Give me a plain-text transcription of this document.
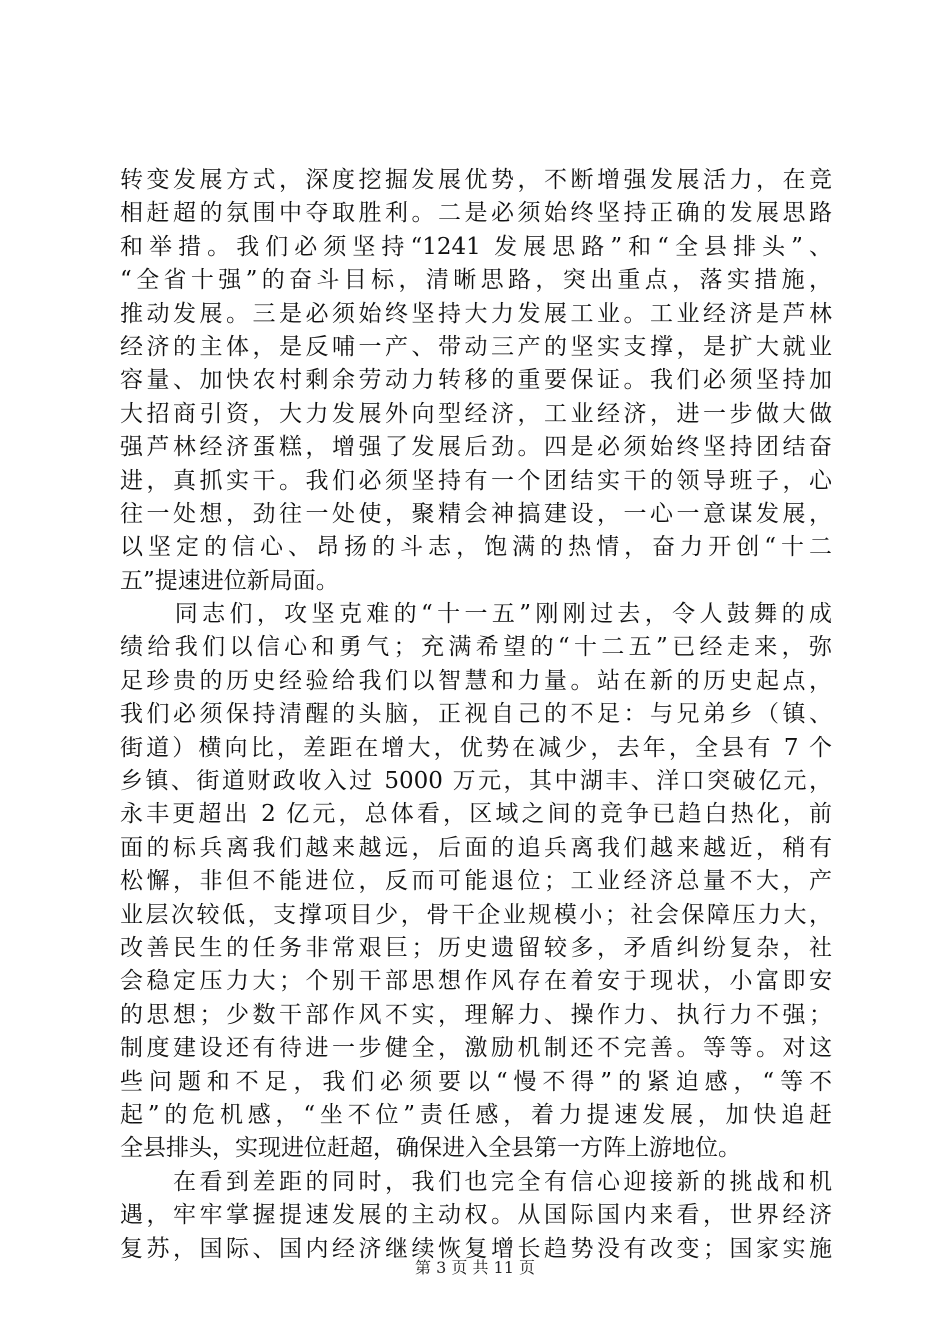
转变发展方式，深度挖掘发展优势，不断增强发展活力，在竞
相赶超的氛围中夺取胜利。二是必须始终坚持正确的发展思路
和举措。我们必须坚持“1241 发展思路”和“全县排头”、
“全省十强”的奋斗目标，清晰思路，突出重点，落实措施，
推动发展。三是必须始终坚持大力发展工业。工业经济是芦林
经济的主体，是反哺一产、带动三产的坚实支撑，是扩大就业
容量、加快农村剩余劳动力转移的重要保证。我们必须坚持加
大招商引资，大力发展外向型经济，工业经济，进一步做大做
强芦林经济蛋糕，增强了发展后劲。四是必须始终坚持团结奋
进，真抓实干。我们必须坚持有一个团结实干的领导班子，心
往一处想，劲往一处使，聚精会神搞建设，一心一意谋发展，
以坚定的信心、昂扬的斗志，饱满的热情，奋力开创“十二
五”提速进位新局面。
　　同志们，攻坚克难的“十一五”刚刚过去，令人鼓舞的成
绩给我们以信心和勇气；充满希望的“十二五”已经走来，弥
足珍贵的历史经验给我们以智慧和力量。站在新的历史起点，
我们必须保持清醒的头脑，正视自己的不足：与兄弟乡（镇、
街道）横向比，差距在增大，优势在减少，去年，全县有 7 个
乡镇、街道财政收入过 5000 万元，其中湖丰、洋口突破亿元，
永丰更超出 2 亿元，总体看，区域之间的竞争已趋白热化，前
面的标兵离我们越来越远，后面的追兵离我们越来越近，稍有
松懈，非但不能进位，反而可能退位；工业经济总量不大，产
业层次较低，支撑项目少，骨干企业规模小；社会保障压力大，
改善民生的任务非常艰巨；历史遗留较多，矛盾纠纷复杂，社
会稳定压力大；个别干部思想作风存在着安于现状，小富即安
的思想；少数干部作风不实，理解力、操作力、执行力不强；
制度建设还有待进一步健全，激励机制还不完善。等等。对这
些问题和不足，我们必须要以“慢不得”的紧迫感，“等不
起”的危机感，“坐不位”责任感，着力提速发展，加快追赶
全县排头，实现进位赶超，确保进入全县第一方阵上游地位。
　　在看到差距的同时，我们也完全有信心迎接新的挑战和机
遇，牢牢掌握提速发展的主动权。从国际国内来看，世界经济
复苏，国际、国内经济继续恢复增长趋势没有改变；国家实施
第 3 页 共 11 页
